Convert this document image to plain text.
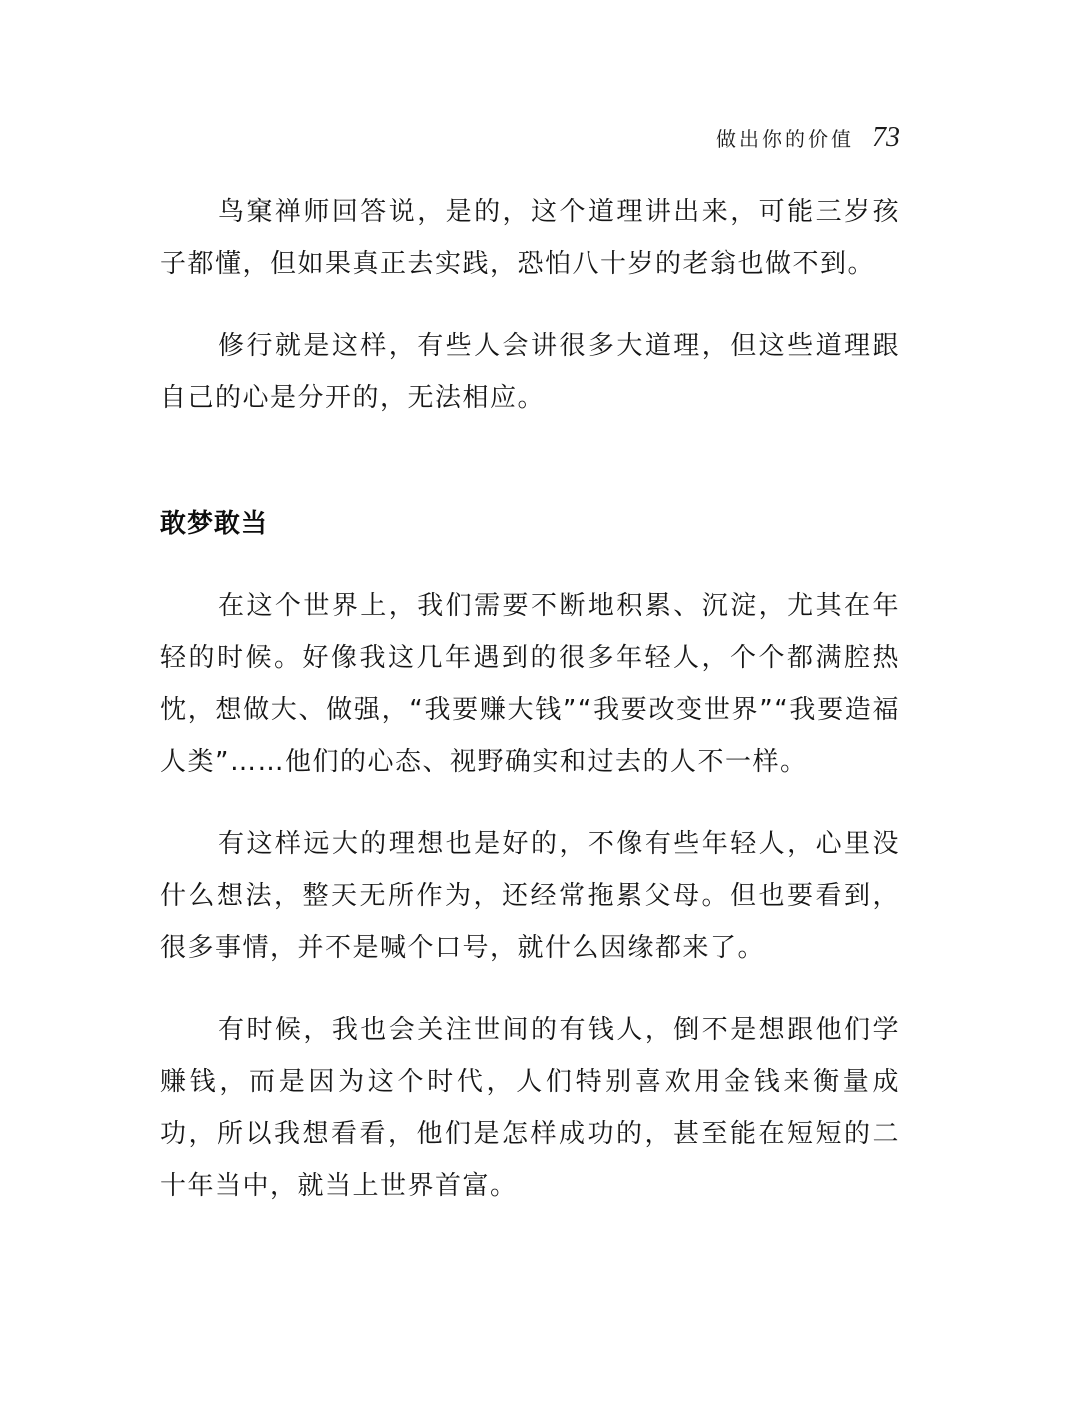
做出你的价值 73

鸟窠禅师回答说，是的，这个道理讲出来，可能三岁孩子都懂，但如果真正去实践，恐怕八十岁的老翁也做不到。

修行就是这样，有些人会讲很多大道理，但这些道理跟自己的心是分开的，无法相应。

敢梦敢当

在这个世界上，我们需要不断地积累、沉淀，尤其在年轻的时候。好像我这几年遇到的很多年轻人，个个都满腔热忱，想做大、做强，“我要赚大钱”“我要改变世界”“我要造福人类”……他们的心态、视野确实和过去的人不一样。

有这样远大的理想也是好的，不像有些年轻人，心里没什么想法，整天无所作为，还经常拖累父母。但也要看到，很多事情，并不是喊个口号，就什么因缘都来了。

有时候，我也会关注世间的有钱人，倒不是想跟他们学赚钱，而是因为这个时代，人们特别喜欢用金钱来衡量成功，所以我想看看，他们是怎样成功的，甚至能在短短的二十年当中，就当上世界首富。
